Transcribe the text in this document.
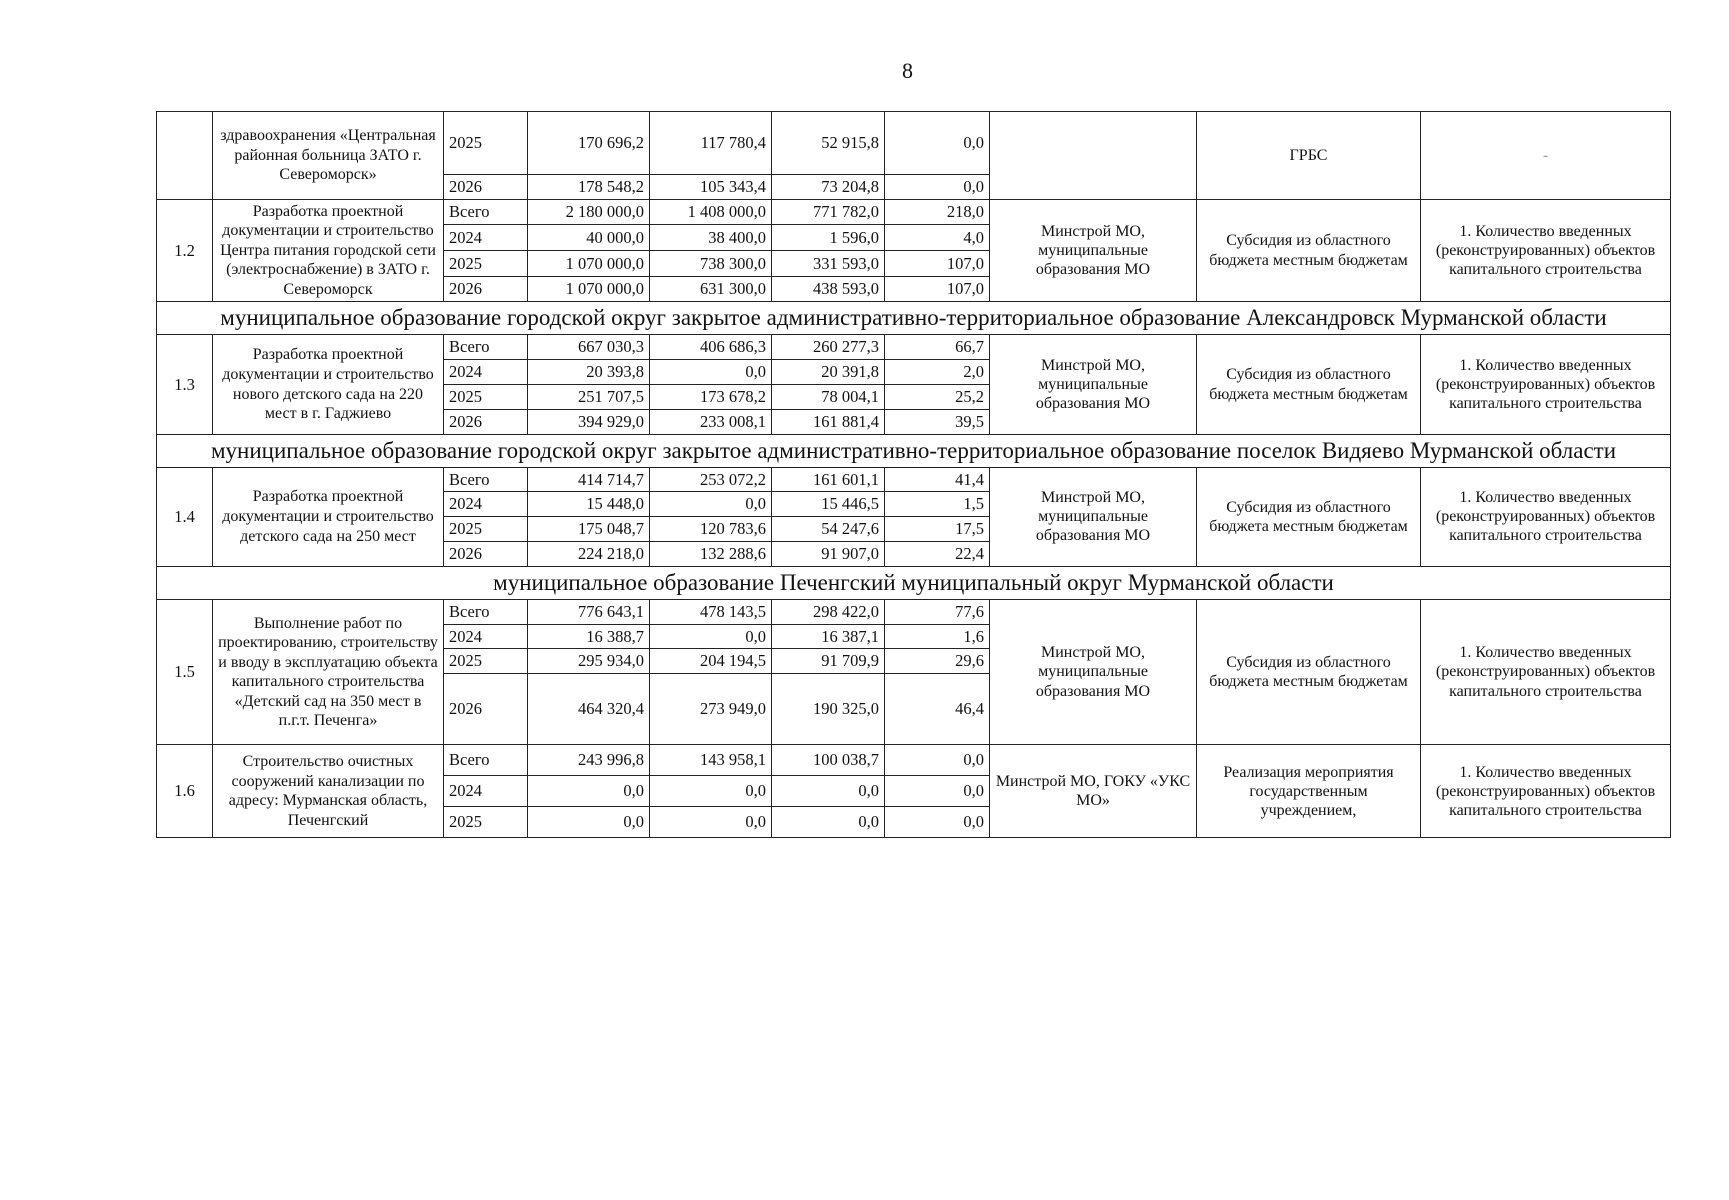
8
	здравоохранения «Центральная районная больница ЗАТО г. Североморск»	2025	170 696,2	117 780,4	52 915,8	0,0		ГРБС	-
		2026	178 548,2	105 343,4	73 204,8	0,0			
1.2	Разработка проектной документации и строительство Центра питания городской сети (электроснабжение) в ЗАТО г. Североморск	Всего	2 180 000,0	1 408 000,0	771 782,0	218,0	Минстрой МО, муниципальные образования МО	Субсидия из областного бюджета местным бюджетам	1. Количество введенных (реконструированных) объектов капитального строительства
		2024	40 000,0	38 400,0	1 596,0	4,0			
		2025	1 070 000,0	738 300,0	331 593,0	107,0			
		2026	1 070 000,0	631 300,0	438 593,0	107,0			
муниципальное образование городской округ закрытое административно-территориальное образование Александровск Мурманской области									
1.3	Разработка проектной документации и строительство нового детского сада на 220 мест в г. Гаджиево	Всего	667 030,3	406 686,3	260 277,3	66,7	Минстрой МО, муниципальные образования МО	Субсидия из областного бюджета местным бюджетам	1. Количество введенных (реконструированных) объектов капитального строительства
		2024	20 393,8	0,0	20 391,8	2,0			
		2025	251 707,5	173 678,2	78 004,1	25,2			
		2026	394 929,0	233 008,1	161 881,4	39,5			
муниципальное образование городской округ закрытое административно-территориальное образование поселок Видяево Мурманской области									
1.4	Разработка проектной документации и строительство детского сада на 250 мест	Всего	414 714,7	253 072,2	161 601,1	41,4	Минстрой МО, муниципальные образования МО	Субсидия из областного бюджета местным бюджетам	1. Количество введенных (реконструированных) объектов капитального строительства
		2024	15 448,0	0,0	15 446,5	1,5			
		2025	175 048,7	120 783,6	54 247,6	17,5			
		2026	224 218,0	132 288,6	91 907,0	22,4			
муниципальное образование Печенгский муниципальный округ Мурманской области									
1.5	Выполнение работ по проектированию, строительству и вводу в эксплуатацию объекта капитального строительства «Детский сад на 350 мест в п.г.т. Печенга»	Всего	776 643,1	478 143,5	298 422,0	77,6	Минстрой МО, муниципальные образования МО	Субсидия из областного бюджета местным бюджетам	1. Количество введенных (реконструированных) объектов капитального строительства
		2024	16 388,7	0,0	16 387,1	1,6			
		2025	295 934,0	204 194,5	91 709,9	29,6			
		2026	464 320,4	273 949,0	190 325,0	46,4			
1.6	Строительство очистных сооружений канализации по адресу: Мурманская область, Печенгский	Всего	243 996,8	143 958,1	100 038,7	0,0	Минстрой МО, ГОКУ «УКС МО»	Реализация мероприятия государственным учреждением,	1. Количество введенных (реконструированных) объектов капитального строительства
		2024	0,0	0,0	0,0	0,0			
		2025	0,0	0,0	0,0	0,0			
